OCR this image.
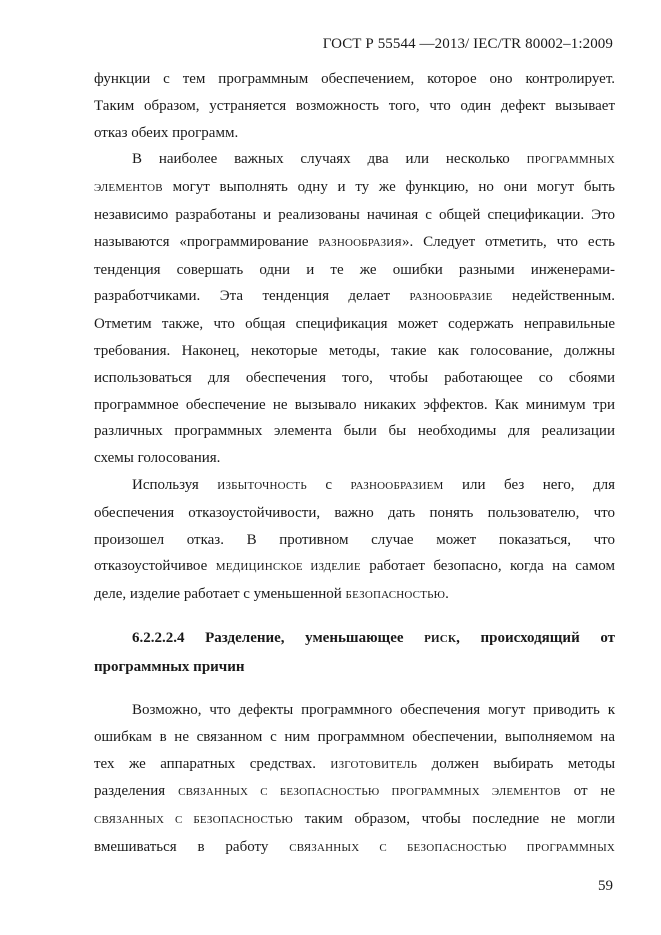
ГОСТ Р 55544 —2013/ IEC/TR 80002–1:2009
функции с тем программным обеспечением, которое оно контролирует.
Таким образом, устраняется возможность того, что один дефект вызывает
отказ обеих программ.
В наиболее важных случаях два или несколько ПРОГРАММНЫХ
ЭЛЕМЕНТОВ могут выполнять одну и ту же функцию, но они могут быть
независимо разработаны и реализованы начиная с общей спецификации. Это
называются «программирование РАЗНООБРАЗИЯ». Следует отметить, что есть
тенденция совершать одни и те же ошибки разными инженерами-
разработчиками. Эта тенденция делает РАЗНООБРАЗИЕ недейственным.
Отметим также, что общая спецификация может содержать неправильные
требования. Наконец, некоторые методы, такие как голосование, должны
использоваться для обеспечения того, чтобы работающее со сбоями
программное обеспечение не вызывало никаких эффектов. Как минимум три
различных программных элемента были бы необходимы для реализации
схемы голосования.
Используя ИЗБЫТОЧНОСТЬ с РАЗНООБРАЗИЕМ или без него, для
обеспечения отказоустойчивости, важно дать понять пользователю, что
произошел отказ. В противном случае может показаться, что
отказоустойчивое МЕДИЦИНСКОЕ ИЗДЕЛИЕ работает безопасно, когда на самом
деле, изделие работает с уменьшенной БЕЗОПАСНОСТЬЮ.
6.2.2.2.4 Разделение, уменьшающее РИСК, происходящий от
программных причин
Возможно, что дефекты программного обеспечения могут приводить к
ошибкам в не связанном с ним программном обеспечении, выполняемом на
тех же аппаратных средствах. ИЗГОТОВИТЕЛЬ должен выбирать методы
разделения СВЯЗАННЫХ С БЕЗОПАСНОСТЬЮ ПРОГРАММНЫХ ЭЛЕМЕНТОВ от не
СВЯЗАННЫХ С БЕЗОПАСНОСТЬЮ таким образом, чтобы последние не могли
вмешиваться в работу СВЯЗАННЫХ С БЕЗОПАСНОСТЬЮ ПРОГРАММНЫХ
59
